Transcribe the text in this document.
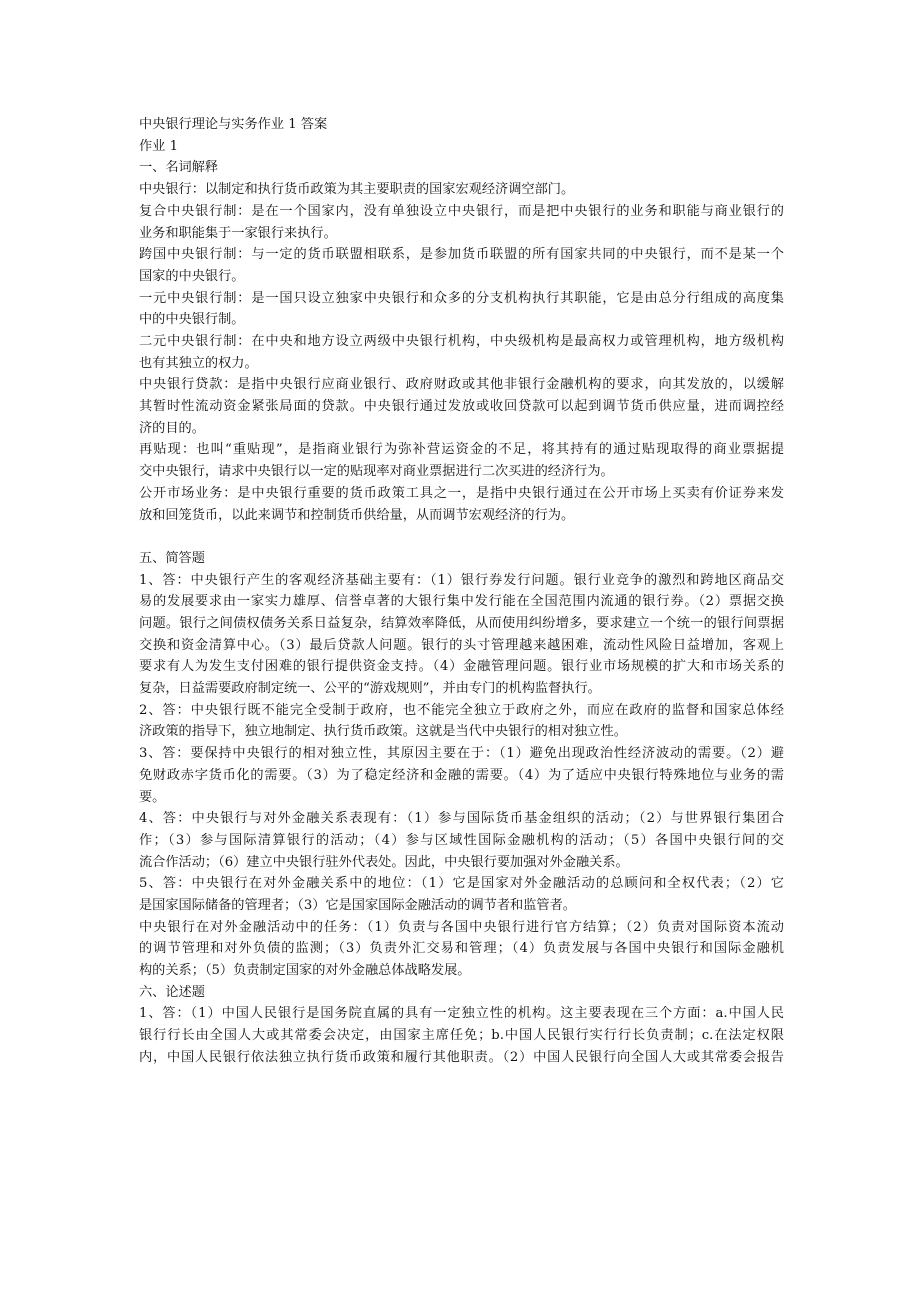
中央银行理论与实务作业 1 答案
作业 1
一、名词解释
中央银行：以制定和执行货币政策为其主要职责的国家宏观经济调空部门。
复合中央银行制：是在一个国家内，没有单独设立中央银行，而是把中央银行的业务和职能与商业银行的
业务和职能集于一家银行来执行。
跨国中央银行制：与一定的货币联盟相联系，是参加货币联盟的所有国家共同的中央银行，而不是某一个
国家的中央银行。
一元中央银行制：是一国只设立独家中央银行和众多的分支机构执行其职能，它是由总分行组成的高度集
中的中央银行制。
二元中央银行制：在中央和地方设立两级中央银行机构，中央级机构是最高权力或管理机构，地方级机构
也有其独立的权力。
中央银行贷款：是指中央银行应商业银行、政府财政或其他非银行金融机构的要求，向其发放的，以缓解
其暂时性流动资金紧张局面的贷款。中央银行通过发放或收回贷款可以起到调节货币供应量，进而调控经
济的目的。
再贴现：也叫“重贴现”，是指商业银行为弥补营运资金的不足，将其持有的通过贴现取得的商业票据提
交中央银行，请求中央银行以一定的贴现率对商业票据进行二次买进的经济行为。
公开市场业务：是中央银行重要的货币政策工具之一，是指中央银行通过在公开市场上买卖有价证券来发
放和回笼货币，以此来调节和控制货币供给量，从而调节宏观经济的行为。
五、简答题
1、答：中央银行产生的客观经济基础主要有：（1）银行券发行问题。银行业竞争的激烈和跨地区商品交
易的发展要求由一家实力雄厚、信誉卓著的大银行集中发行能在全国范围内流通的银行券。（2）票据交换
问题。银行之间债权债务关系日益复杂，结算效率降低，从而使用纠纷增多，要求建立一个统一的银行间票据
交换和资金清算中心。（3）最后贷款人问题。银行的头寸管理越来越困难，流动性风险日益增加，客观上
要求有人为发生支付困难的银行提供资金支持。（4）金融管理问题。银行业市场规模的扩大和市场关系的
复杂，日益需要政府制定统一、公平的“游戏规则”，并由专门的机构监督执行。
2、答：中央银行既不能完全受制于政府，也不能完全独立于政府之外，而应在政府的监督和国家总体经
济政策的指导下，独立地制定、执行货币政策。这就是当代中央银行的相对独立性。
3、答：要保持中央银行的相对独立性，其原因主要在于：（1）避免出现政治性经济波动的需要。（2）避
免财政赤字货币化的需要。（3）为了稳定经济和金融的需要。（4）为了适应中央银行特殊地位与业务的需
要。
4、答：中央银行与对外金融关系表现有：（1）参与国际货币基金组织的活动；（2）与世界银行集团合
作；（3）参与国际清算银行的活动；（4）参与区域性国际金融机构的活动；（5）各国中央银行间的交
流合作活动；（6）建立中央银行驻外代表处。因此，中央银行要加强对外金融关系。
5、答：中央银行在对外金融关系中的地位：（1）它是国家对外金融活动的总顾问和全权代表；（2）它
是国家国际储备的管理者；（3）它是国家国际金融活动的调节者和监管者。
中央银行在对外金融活动中的任务：（1）负责与各国中央银行进行官方结算；（2）负责对国际资本流动
的调节管理和对外负债的监测；（3）负责外汇交易和管理；（4）负责发展与各国中央银行和国际金融机
构的关系；（5）负责制定国家的对外金融总体战略发展。
六、论述题
1、答：（1）中国人民银行是国务院直属的具有一定独立性的机构。这主要表现在三个方面：a.中国人民
银行行长由全国人大或其常委会决定，由国家主席任免；b.中国人民银行实行行长负责制；c.在法定权限
内，中国人民银行依法独立执行货币政策和履行其他职责。（2）中国人民银行向全国人大或其常委会报告
